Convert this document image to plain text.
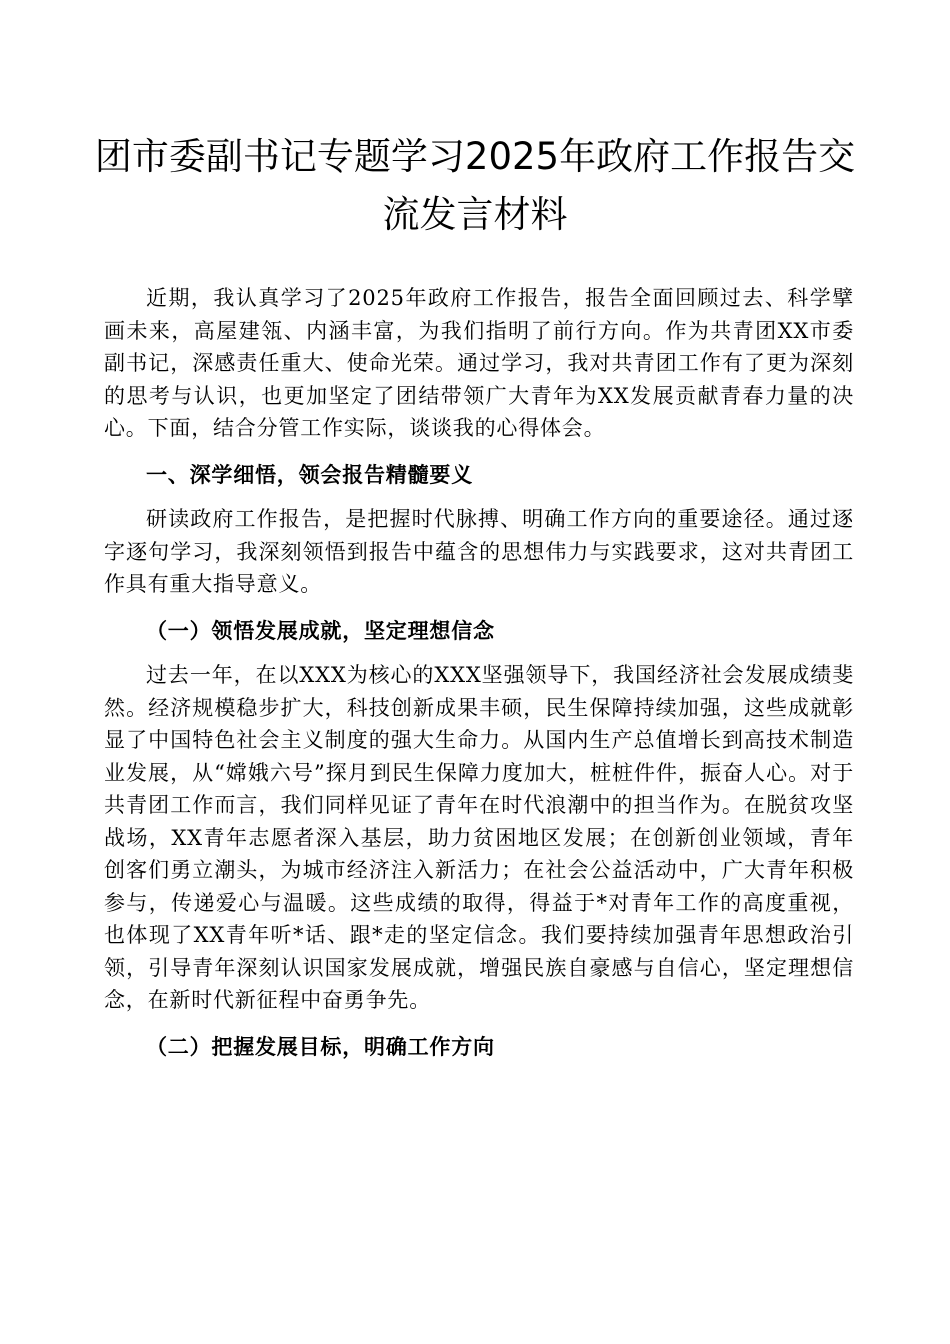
团市委副书记专题学习2025年政府工作报告交
流发言材料

近期，我认真学习了2025年政府工作报告，报告全面回顾过去、科学擘画未来，高屋建瓴、内涵丰富，为我们指明了前行方向。作为共青团XX市委副书记，深感责任重大、使命光荣。通过学习，我对共青团工作有了更为深刻的思考与认识，也更加坚定了团结带领广大青年为XX发展贡献青春力量的决心。下面，结合分管工作实际，谈谈我的心得体会。

一、深学细悟，领会报告精髓要义

研读政府工作报告，是把握时代脉搏、明确工作方向的重要途径。通过逐字逐句学习，我深刻领悟到报告中蕴含的思想伟力与实践要求，这对共青团工作具有重大指导意义。

（一）领悟发展成就，坚定理想信念

过去一年，在以XXX为核心的XXX坚强领导下，我国经济社会发展成绩斐然。经济规模稳步扩大，科技创新成果丰硕，民生保障持续加强，这些成就彰显了中国特色社会主义制度的强大生命力。从国内生产总值增长到高技术制造业发展，从“嫦娥六号”探月到民生保障力度加大，桩桩件件，振奋人心。对于共青团工作而言，我们同样见证了青年在时代浪潮中的担当作为。在脱贫攻坚战场，XX青年志愿者深入基层，助力贫困地区发展；在创新创业领域，青年创客们勇立潮头，为城市经济注入新活力；在社会公益活动中，广大青年积极参与，传递爱心与温暖。这些成绩的取得，得益于*对青年工作的高度重视，也体现了XX青年听*话、跟*走的坚定信念。我们要持续加强青年思想政治引领，引导青年深刻认识国家发展成就，增强民族自豪感与自信心，坚定理想信念，在新时代新征程中奋勇争先。

（二）把握发展目标，明确工作方向
